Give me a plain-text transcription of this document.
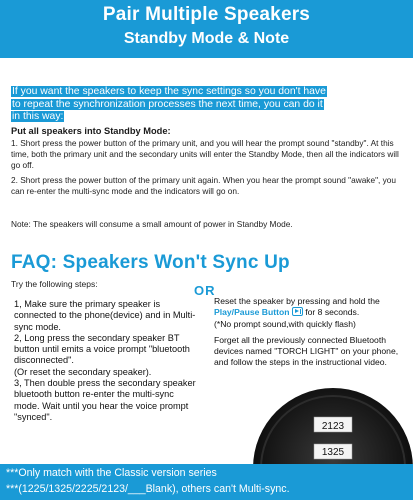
Pair Multiple Speakers
Standby Mode & Note
If you want the speakers to keep the sync settings so you don't have
to repeat the synchronization processes the next time, you can do it
in this way:
Put all speakers into Standby Mode:
1. Short press the power button of the primary unit, and you will hear the prompt sound "standby". At this time, both the primary unit and the secondary units will enter the Standby Mode, then all the indicators will go off.
2. Short press the power button of the primary unit again. When you hear the prompt sound "awake", you can re-enter the multi-sync mode and the indicators will go on.
Note: The speakers will consume a small amount of power in Standby Mode.
FAQ: Speakers Won't Sync Up
Try the following steps:	OR

1, Make sure the primary speaker is connected to the phone(device) and in Multi-sync mode.

2, Long press the secondary speaker BT button until emits a voice prompt "bluetooth disconnected".

(Or reset the secondary speaker).

3, Then double press the secondary speaker bluetooth button re-enter the multi-sync mode. Wait until you hear the voice prompt "synced".

Reset the speaker by pressing and hold the Play/Pause Button  for 8 seconds.
(*No prompt sound,with quickly flash)
Forget all the previously connected Bluetooth devices named "TORCH LIGHT" on your phone, and follow the steps in the instructional video.
2123
1325
***Only match with the Classic version series
***(1225/1325/2225/2123/___Blank), others can't Multi-sync.
